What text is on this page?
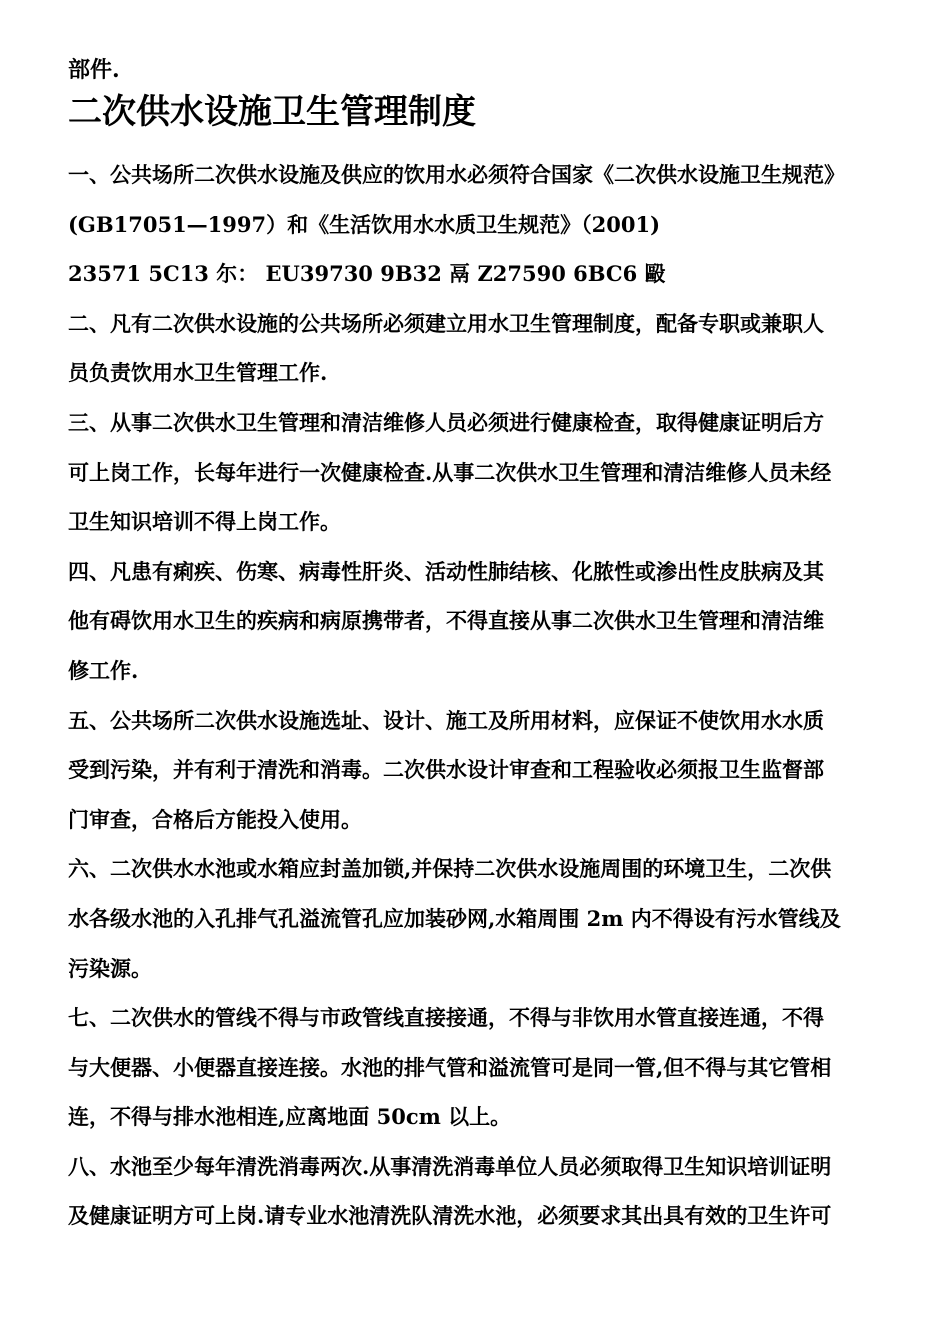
部件.

二次供水设施卫生管理制度
一、公共场所二次供水设施及供应的饮用水必须符合国家《二次供水设施卫生规范》
(GB17051—1997）和《生活饮用水水质卫生规范》（2001)
23571 5C13 尓： EU39730 9B32 鬲 Z27590 6BC6 毆
二、凡有二次供水设施的公共场所必须建立用水卫生管理制度，配备专职或兼职人
员负责饮用水卫生管理工作.
三、从事二次供水卫生管理和清洁维修人员必须进行健康检查，取得健康证明后方
可上岗工作，长每年进行一次健康检查.从事二次供水卫生管理和清洁维修人员未经
卫生知识培训不得上岗工作。
四、凡患有痢疾、伤寒、病毒性肝炎、活动性肺结核、化脓性或渗出性皮肤病及其
他有碍饮用水卫生的疾病和病原携带者，不得直接从事二次供水卫生管理和清洁维
修工作.
五、公共场所二次供水设施选址、设计、施工及所用材料，应保证不使饮用水水质
受到污染，并有利于清洗和消毒。二次供水设计审查和工程验收必须报卫生监督部
门审查，合格后方能投入使用。
六、二次供水水池或水箱应封盖加锁,并保持二次供水设施周围的环境卫生，二次供
水各级水池的入孔排气孔溢流管孔应加装砂网,水箱周围 2m 内不得设有污水管线及
污染源。
七、二次供水的管线不得与市政管线直接接通，不得与非饮用水管直接连通，不得
与大便器、小便器直接连接。水池的排气管和溢流管可是同一管,但不得与其它管相
连，不得与排水池相连,应离地面 50cm 以上。
八、水池至少每年清洗消毒两次.从事清洗消毒单位人员必须取得卫生知识培训证明
及健康证明方可上岗.请专业水池清洗队清洗水池，必须要求其出具有效的卫生许可
